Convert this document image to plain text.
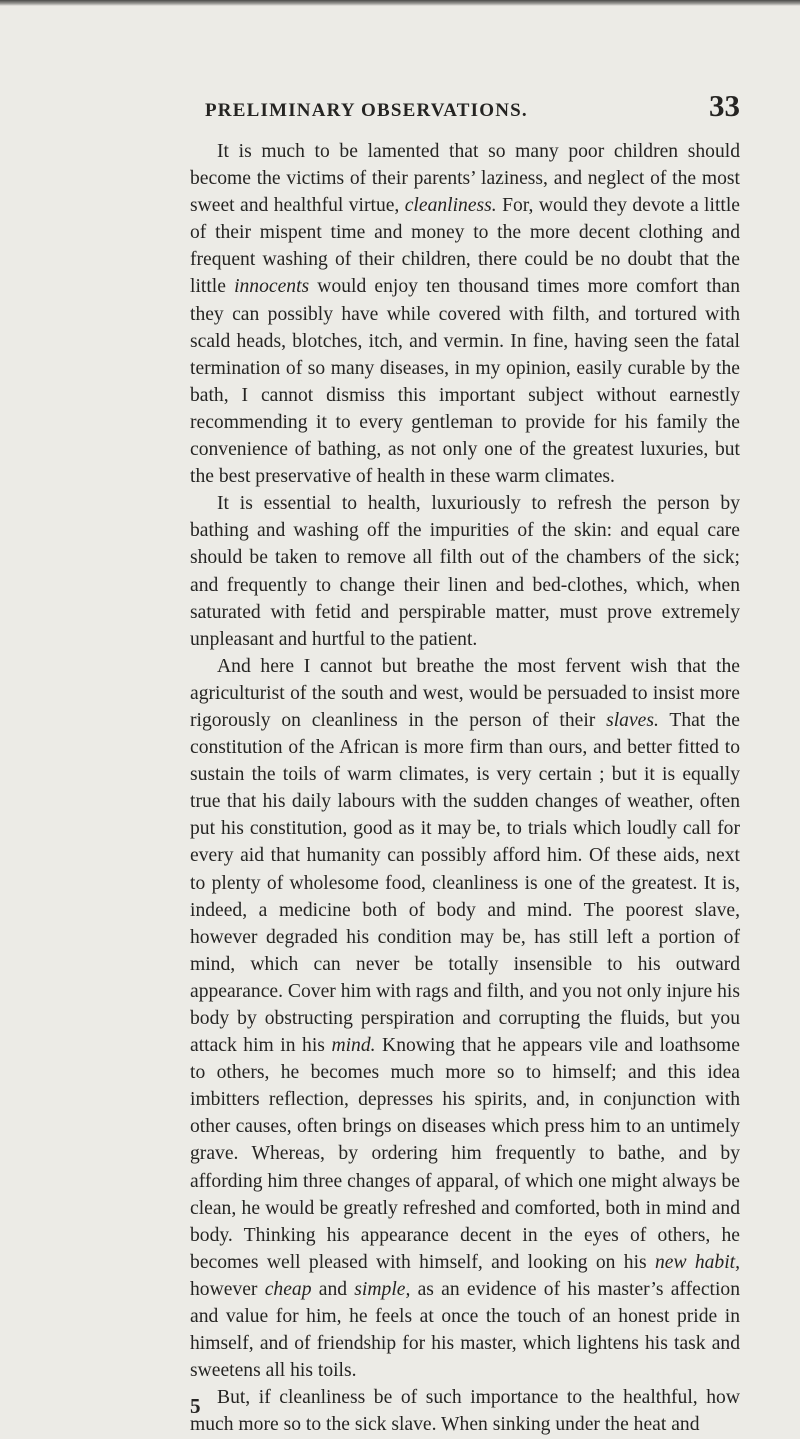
PRELIMINARY OBSERVATIONS.	33

It is much to be lamented that so many poor children should become the victims of their parents’ laziness, and neglect of the most sweet and healthful virtue, cleanliness. For, would they devote a little of their mispent time and money to the more decent clothing and frequent washing of their children, there could be no doubt that the little innocents would enjoy ten thousand times more comfort than they can possibly have while covered with filth, and tortured with scald heads, blotches, itch, and vermin. In fine, having seen the fatal termination of so many diseases, in my opinion, easily curable by the bath, I cannot dismiss this important subject without earnestly recommending it to every gentleman to provide for his family the convenience of bathing, as not only one of the greatest luxuries, but the best preservative of health in these warm climates.

It is essential to health, luxuriously to refresh the person by bathing and washing off the impurities of the skin: and equal care should be taken to remove all filth out of the chambers of the sick; and frequently to change their linen and bed-clothes, which, when saturated with fetid and perspirable matter, must prove extremely unpleasant and hurtful to the patient.

And here I cannot but breathe the most fervent wish that the agriculturist of the south and west, would be persuaded to insist more rigorously on cleanliness in the person of their slaves. That the constitution of the African is more firm than ours, and better fitted to sustain the toils of warm climates, is very certain ; but it is equally true that his daily labours with the sudden changes of weather, often put his constitution, good as it may be, to trials which loudly call for every aid that humanity can possibly afford him. Of these aids, next to plenty of wholesome food, cleanliness is one of the greatest. It is, indeed, a medicine both of body and mind. The poorest slave, however degraded his condition may be, has still left a portion of mind, which can never be totally insensible to his outward appearance. Cover him with rags and filth, and you not only injure his body by obstructing perspiration and corrupting the fluids, but you attack him in his mind. Knowing that he appears vile and loathsome to others, he becomes much more so to himself; and this idea imbitters reflection, depresses his spirits, and, in conjunction with other causes, often brings on diseases which press him to an untimely grave. Whereas, by ordering him frequently to bathe, and by affording him three changes of apparal, of which one might always be clean, he would be greatly refreshed and comforted, both in mind and body. Thinking his appearance decent in the eyes of others, he becomes well pleased with himself, and looking on his new habit, however cheap and simple, as an evidence of his master’s affection and value for him, he feels at once the touch of an honest pride in himself, and of friendship for his master, which lightens his task and sweetens all his toils.

But, if cleanliness be of such importance to the healthful, how much more so to the sick slave. When sinking under the heat and

5
